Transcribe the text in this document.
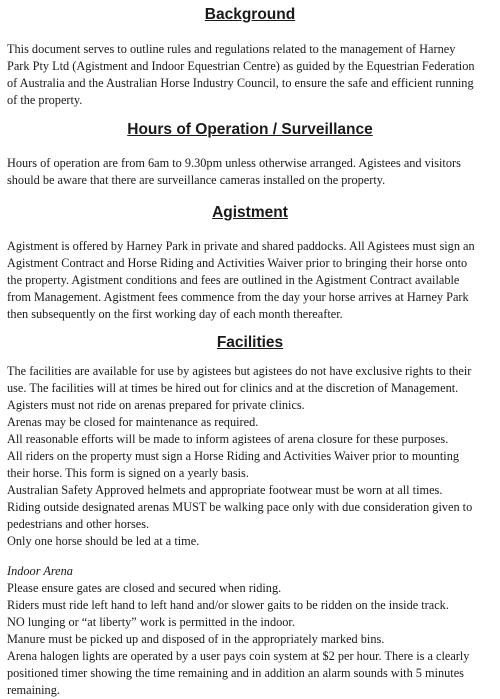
Background
This document serves to outline rules and regulations related to the management of Harney
Park Pty Ltd (Agistment and Indoor Equestrian Centre) as guided by the Equestrian Federation
of Australia and the Australian Horse Industry Council, to ensure the safe and efficient running
of the property.
Hours of Operation / Surveillance
Hours of operation are from 6am to 9.30pm unless otherwise arranged. Agistees and visitors
should be aware that there are surveillance cameras installed on the property.
Agistment
Agistment is offered by Harney Park in private and shared paddocks. All Agistees must sign an
Agistment Contract and Horse Riding and Activities Waiver prior to bringing their horse onto
the property. Agistment conditions and fees are outlined in the Agistment Contract available
from Management. Agistment fees commence from the day your horse arrives at Harney Park
then subsequently on the first working day of each month thereafter.
Facilities
The facilities are available for use by agistees but agistees do not have exclusive rights to their
use. The facilities will at times be hired out for clinics and at the discretion of Management.
Agisters must not ride on arenas prepared for private clinics.
Arenas may be closed for maintenance as required.
All reasonable efforts will be made to inform agistees of arena closure for these purposes.
All riders on the property must sign a Horse Riding and Activities Waiver prior to mounting
their horse. This form is signed on a yearly basis.
Australian Safety Approved helmets and appropriate footwear must be worn at all times.
Riding outside designated arenas MUST be walking pace only with due consideration given to
pedestrians and other horses.
Only one horse should be led at a time.
Indoor Arena
Please ensure gates are closed and secured when riding.
Riders must ride left hand to left hand and/or slower gaits to be ridden on the inside track.
NO lunging or “at liberty” work is permitted in the indoor.
Manure must be picked up and disposed of in the appropriately marked bins.
Arena halogen lights are operated by a user pays coin system at $2 per hour. There is a clearly
positioned timer showing the time remaining and in addition an alarm sounds with 5 minutes
remaining.
